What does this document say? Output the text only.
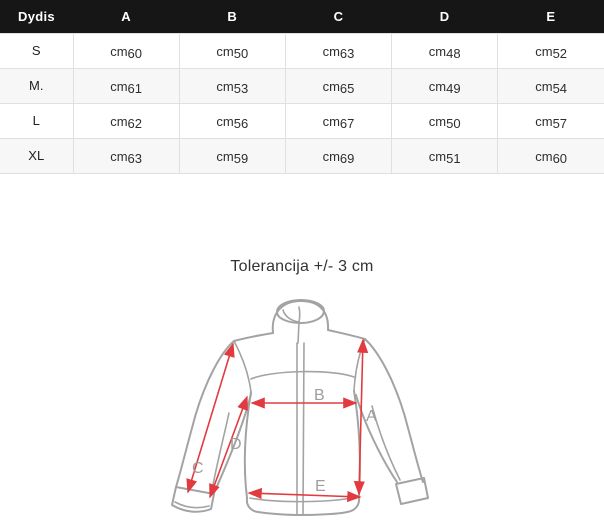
Dydis	A	B	C	D	E
S	cm60	cm50	cm63	cm48	cm52
M.	cm61	cm53	cm65	cm49	cm54
L	cm62	cm56	cm67	cm50	cm57
XL	cm63	cm59	cm69	cm51	cm60
Tolerancija +/- 3 cm
A
B
C
D
E
